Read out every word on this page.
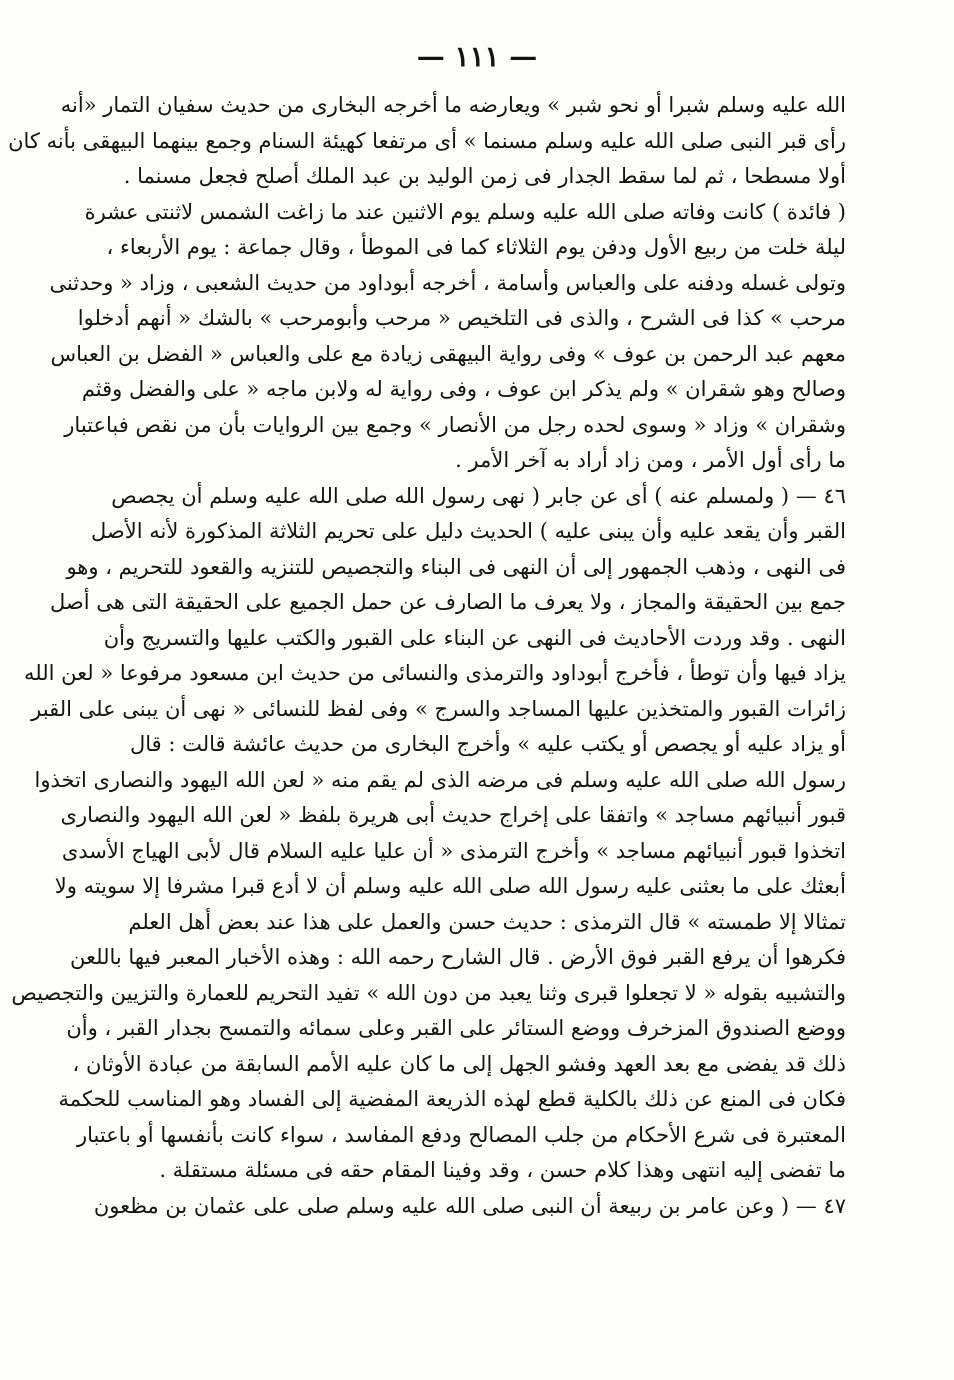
— ١١١ —
الله عليه وسلم شبرا أو نحو شبر » ويعارضه ما أخرجه البخارى من حديث سفيان التمار «أنه
رأى قبر النبى صلى الله عليه وسلم مسنما » أى مرتفعا كهيئة السنام وجمع بينهما البيهقى بأنه كان
أولا مسطحا ، ثم لما سقط الجدار فى زمن الوليد بن عبد الملك أصلح فجعل مسنما .
( فائدة ) كانت وفاته صلى الله عليه وسلم يوم الاثنين عند ما زاغت الشمس لاثنتى عشرة
ليلة خلت من ربيع الأول ودفن يوم الثلاثاء كما فى الموطأ ، وقال جماعة : يوم الأربعاء ،
وتولى غسله ودفنه على والعباس وأسامة ، أخرجه أبوداود من حديث الشعبى ، وزاد « وحدثنى
مرحب » كذا فى الشرح ، والذى فى التلخيص « مرحب وأبومرحب » بالشك « أنهم أدخلوا
معهم عبد الرحمن بن عوف » وفى رواية البيهقى زيادة مع على والعباس « الفضل بن العباس
وصالح وهو شقران » ولم يذكر ابن عوف ، وفى رواية له ولابن ماجه « على والفضل وقثم
وشقران » وزاد « وسوى لحده رجل من الأنصار » وجمع بين الروايات بأن من نقص فباعتبار
ما رأى أول الأمر ، ومن زاد أراد به آخر الأمر .
٤٦ — ( ولمسلم عنه ) أى عن جابر ( نهى رسول الله صلى الله عليه وسلم أن يجصص
القبر وأن يقعد عليه وأن يبنى عليه ) الحديث دليل على تحريم الثلاثة المذكورة لأنه الأصل
فى النهى ، وذهب الجمهور إلى أن النهى فى البناء والتجصيص للتنزيه والقعود للتحريم ، وهو
جمع بين الحقيقة والمجاز ، ولا يعرف ما الصارف عن حمل الجميع على الحقيقة التى هى أصل
النهى . وقد وردت الأحاديث فى النهى عن البناء على القبور والكتب عليها والتسريج وأن
يزاد فيها وأن توطأ ، فأخرج أبوداود والترمذى والنسائى من حديث ابن مسعود مرفوعا « لعن الله
زائرات القبور والمتخذين عليها المساجد والسرج » وفى لفظ للنسائى « نهى أن يبنى على القبر
أو يزاد عليه أو يجصص أو يكتب عليه » وأخرج البخارى من حديث عائشة قالت : قال
رسول الله صلى الله عليه وسلم فى مرضه الذى لم يقم منه « لعن الله اليهود والنصارى اتخذوا
قبور أنبيائهم مساجد » واتفقا على إخراج حديث أبى هريرة بلفظ « لعن الله اليهود والنصارى
اتخذوا قبور أنبيائهم مساجد » وأخرج الترمذى « أن عليا عليه السلام قال لأبى الهياج الأسدى
أبعثك على ما بعثنى عليه رسول الله صلى الله عليه وسلم أن لا أدع قبرا مشرفا إلا سويته ولا
تمثالا إلا طمسته » قال الترمذى : حديث حسن والعمل على هذا عند بعض أهل العلم
فكرهوا أن يرفع القبر فوق الأرض . قال الشارح رحمه الله : وهذه الأخبار المعبر فيها باللعن
والتشبيه بقوله « لا تجعلوا قبرى وثنا يعبد من دون الله » تفيد التحريم للعمارة والتزيين والتجصيص
ووضع الصندوق المزخرف ووضع الستائر على القبر وعلى سمائه والتمسح بجدار القبر ، وأن
ذلك قد يفضى مع بعد العهد وفشو الجهل إلى ما كان عليه الأمم السابقة من عبادة الأوثان ،
فكان فى المنع عن ذلك بالكلية قطع لهذه الذريعة المفضية إلى الفساد وهو المناسب للحكمة
المعتبرة فى شرع الأحكام من جلب المصالح ودفع المفاسد ، سواء كانت بأنفسها أو باعتبار
ما تفضى إليه انتهى وهذا كلام حسن ، وقد وفينا المقام حقه فى مسئلة مستقلة .
٤٧ — ( وعن عامر بن ربيعة أن النبى صلى الله عليه وسلم صلى على عثمان بن مظعون
